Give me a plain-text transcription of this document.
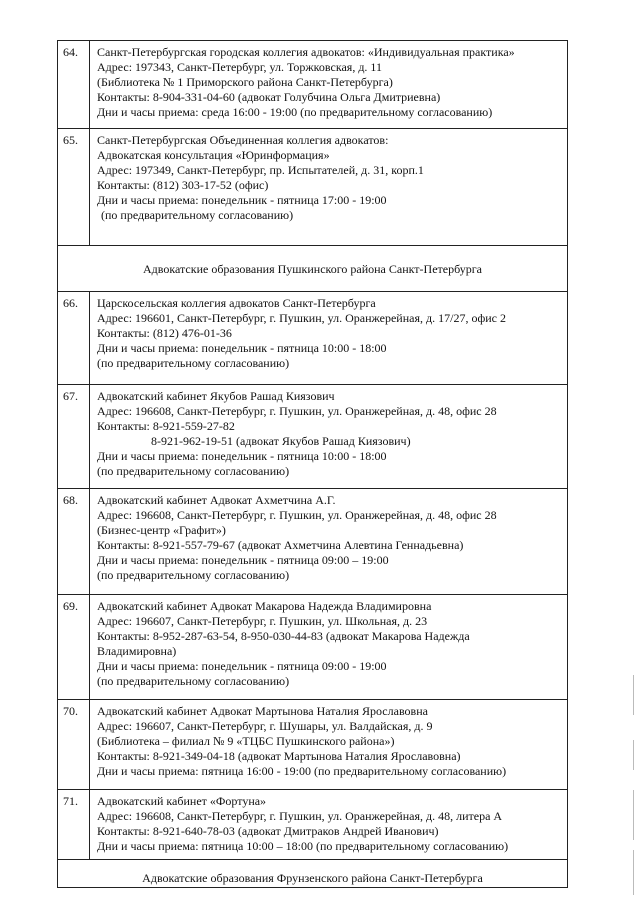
64. Санкт-Петербургская городская коллегия адвокатов: «Индивидуальная практика»
Адрес: 197343, Санкт-Петербург, ул. Торжковская, д. 11
(Библиотека № 1 Приморского района Санкт-Петербурга)
Контакты: 8-904-331-04-60 (адвокат Голубчина Ольга Дмитриевна)
Дни и часы приема: среда 16:00 - 19:00 (по предварительному согласованию)
65. Санкт-Петербургская Объединенная коллегия адвокатов:
Адвокатская консультация «Юринформация»
Адрес: 197349, Санкт-Петербург, пр. Испытателей, д. 31, корп.1
Контакты: (812) 303-17-52 (офис)
Дни и часы приема: понедельник - пятница 17:00 - 19:00
(по предварительному согласованию)
Адвокатские образования Пушкинского района Санкт-Петербурга
66. Царскосельская коллегия адвокатов Санкт-Петербурга
Адрес: 196601, Санкт-Петербург, г. Пушкин, ул. Оранжерейная, д. 17/27, офис 2
Контакты: (812) 476-01-36
Дни и часы приема: понедельник - пятница 10:00 - 18:00
(по предварительному согласованию)
67. Адвокатский кабинет Якубов Рашад Киязович
Адрес: 196608, Санкт-Петербург, г. Пушкин, ул. Оранжерейная, д. 48, офис 28
Контакты: 8-921-559-27-82
8-921-962-19-51 (адвокат Якубов Рашад Киязович)
Дни и часы приема: понедельник - пятница 10:00 - 18:00
(по предварительному согласованию)
68. Адвокатский кабинет Адвокат Ахметчина А.Г.
Адрес: 196608, Санкт-Петербург, г. Пушкин, ул. Оранжерейная, д. 48, офис 28
(Бизнес-центр «Графит»)
Контакты: 8-921-557-79-67 (адвокат Ахметчина Алевтина Геннадьевна)
Дни и часы приема: понедельник - пятница 09:00 – 19:00
(по предварительному согласованию)
69. Адвокатский кабинет Адвокат Макарова Надежда Владимировна
Адрес: 196607, Санкт-Петербург, г. Пушкин, ул. Школьная, д. 23
Контакты: 8-952-287-63-54, 8-950-030-44-83 (адвокат Макарова Надежда
Владимировна)
Дни и часы приема: понедельник - пятница 09:00 - 19:00
(по предварительному согласованию)
70. Адвокатский кабинет Адвокат Мартынова Наталия Ярославовна
Адрес: 196607, Санкт-Петербург, г. Шушары, ул. Валдайская, д. 9
(Библиотека – филиал № 9 «ТЦБС Пушкинского района»)
Контакты: 8-921-349-04-18 (адвокат Мартынова Наталия Ярославовна)
Дни и часы приема: пятница 16:00 - 19:00 (по предварительному согласованию)
71. Адвокатский кабинет «Фортуна»
Адрес: 196608, Санкт-Петербург, г. Пушкин, ул. Оранжерейная, д. 48, литера А
Контакты: 8-921-640-78-03 (адвокат Дмитраков Андрей Иванович)
Дни и часы приема: пятница 10:00 – 18:00 (по предварительному согласованию)
Адвокатские образования Фрунзенского района Санкт-Петербурга
